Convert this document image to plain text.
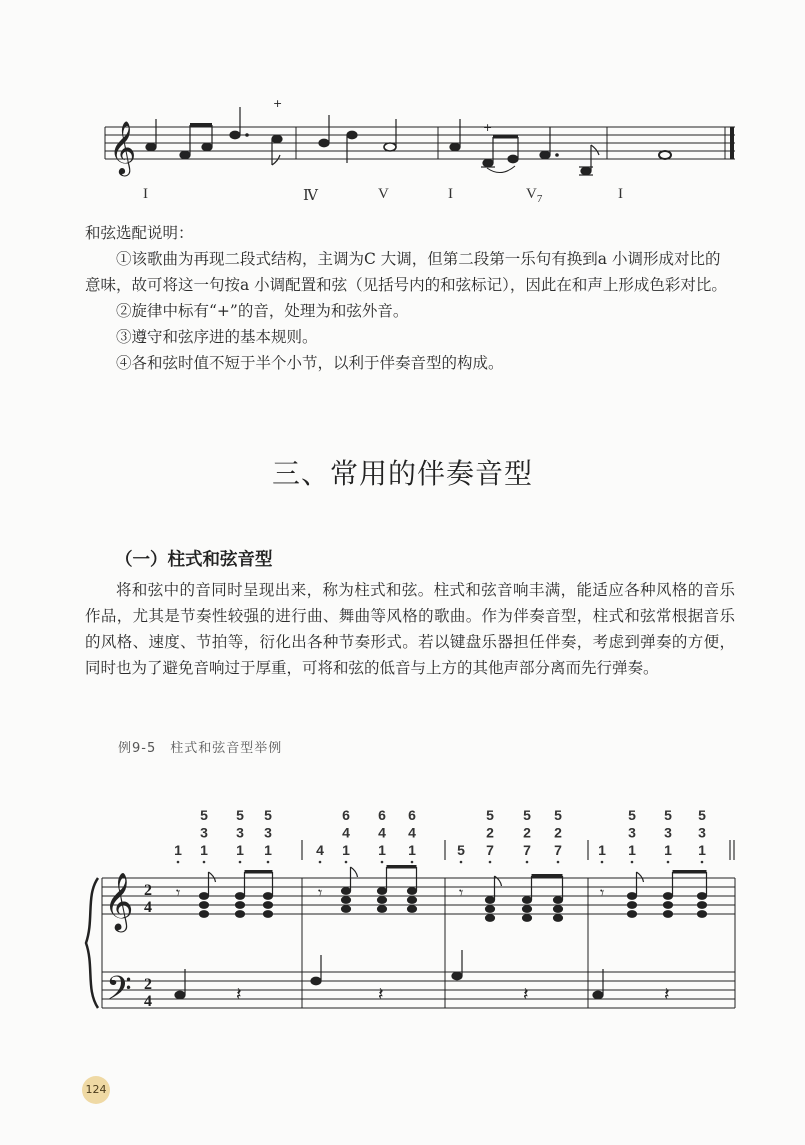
𝄞
+
+
I	Ⅳ	V	I	$V_7$	I
和弦选配说明：

①该歌曲为再现二段式结构，主调为C 大调，但第二段第一乐句有换到a 小调形成对比的意味，故可将这一句按a 小调配置和弦（见括号内的和弦标记），因此在和声上形成色彩对比。

②旋律中标有“+”的音，处理为和弦外音。

③遵守和弦序进的基本规则。

④各和弦时值不短于半个小节，以利于伴奏音型的构成。

三、常用的伴奏音型
（一）柱式和弦音型
将和弦中的音同时呈现出来，称为柱式和弦。柱式和弦音响丰满，能适应各种风格的音乐作品，尤其是节奏性较强的进行曲、舞曲等风格的歌曲。作为伴奏音型，柱式和弦常根据音乐的风格、速度、节拍等，衍化出各种节奏形式。若以键盘乐器担任伴奏，考虑到弹奏的方便，同时也为了避免音响过于厚重，可将和弦的低音与上方的其他声部分离而先行弹奏。
例9-5　柱式和弦音型举例
1
5
3
1
5
3
1
5
3
1	4
6
4
1
6
4
1
6
4
1	5
5
2
7
5
2
7
5
2
7	1
5
3
1
5
3
1
5
3
1
𝄞
𝄢
2
4
2
4
𝄾
𝄽
𝄾
𝄽
𝄾
𝄽
𝄾
𝄽
124
